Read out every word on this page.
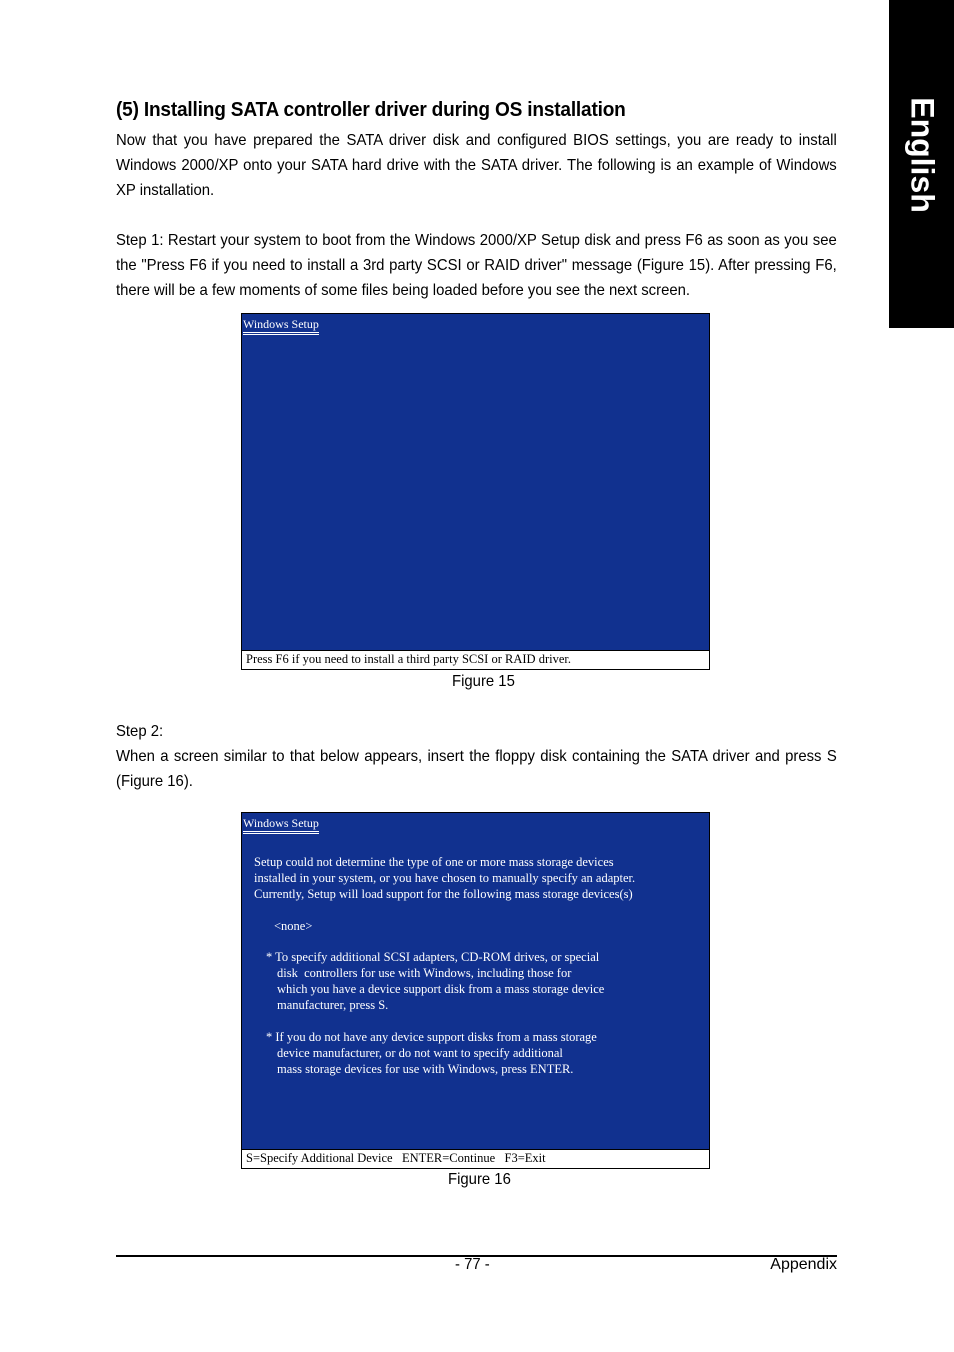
English
(5) Installing SATA controller driver during OS installation

Now that you have prepared the SATA driver disk and configured BIOS settings, you are ready to install Windows 2000/XP onto your SATA hard drive with the SATA driver. The following is an example of Windows XP installation.

Step 1: Restart your system to boot from the Windows 2000/XP Setup disk and press F6 as soon as you see the "Press F6 if you need to install a 3rd party SCSI or RAID driver" message (Figure 15). After pressing F6, there will be a few moments of some files being loaded before you see the next screen.

Windows Setup
Press F6 if you need to install a third party SCSI or RAID driver.
Figure 15

Step 2:

When a screen similar to that below appears, insert the floppy disk containing the SATA driver and press S (Figure 16).

Windows Setup
Setup could not determine the type of one or more mass storage devices
installed in your system, or you have chosen to manually specify an adapter.
Currently, Setup will load support for the following mass storage devices(s)
<none>
* To specify additional SCSI adapters, CD-ROM drives, or special
disk  controllers for use with Windows, including those for
which you have a device support disk from a mass storage device
manufacturer, press S.
* If you do not have any device support disks from a mass storage
device manufacturer, or do not want to specify additional
mass storage devices for use with Windows, press ENTER.
S=Specify Additional Device   ENTER=Continue   F3=Exit
Figure 16
- 77 -	Appendix
